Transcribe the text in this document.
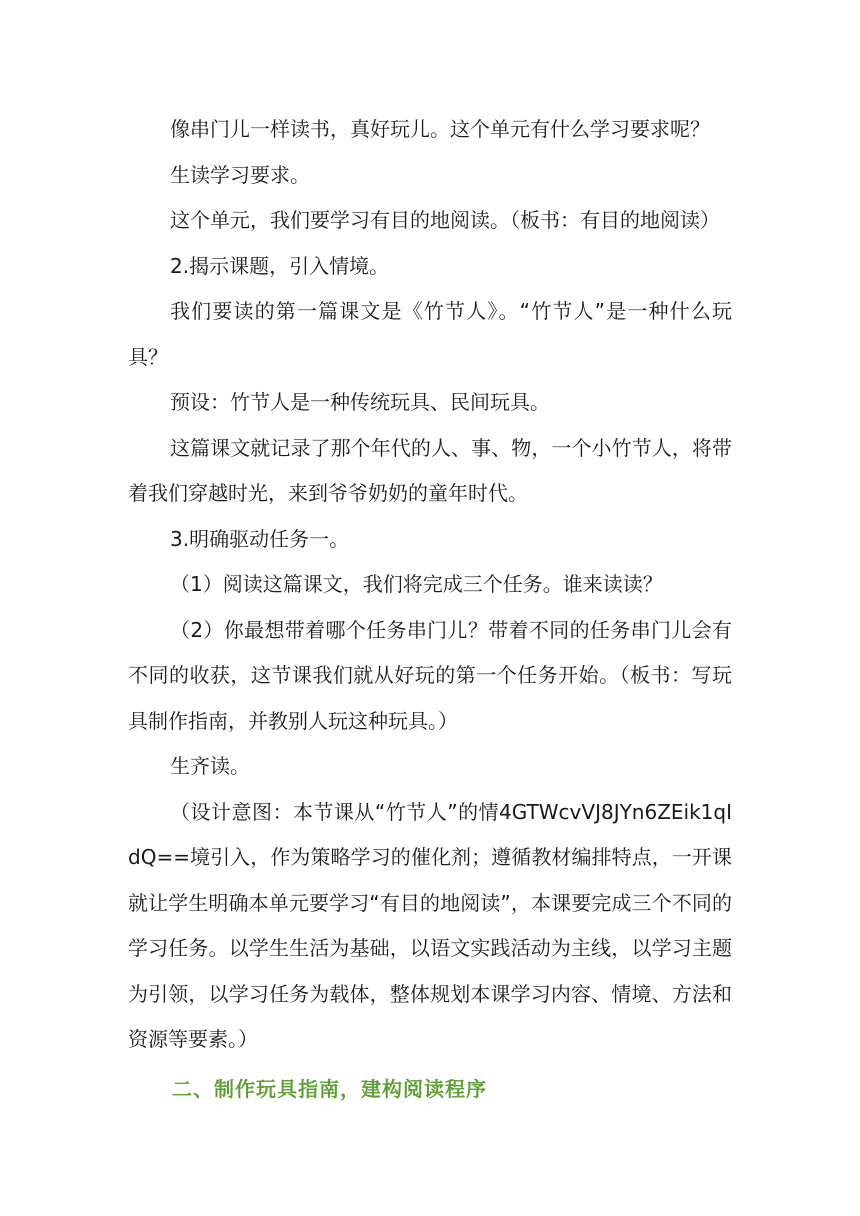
像串门儿一样读书，真好玩儿。这个单元有什么学习要求呢？

生读学习要求。

这个单元，我们要学习有目的地阅读。（板书：有目的地阅读）

2.揭示课题，引入情境。

我们要读的第一篇课文是《竹节人》。“竹节人”是一种什么玩具？

预设：竹节人是一种传统玩具、民间玩具。

这篇课文就记录了那个年代的人、事、物，一个小竹节人，将带着我们穿越时光，来到爷爷奶奶的童年时代。

3.明确驱动任务一。

（1）阅读这篇课文，我们将完成三个任务。谁来读读？

（2）你最想带着哪个任务串门儿？带着不同的任务串门儿会有不同的收获，这节课我们就从好玩的第一个任务开始。（板书：写玩具制作指南，并教别人玩这种玩具。）

生齐读。

（设计意图：本节课从“竹节人”的情4GTWcvVJ8JYn6ZEik1qIdQ==境引入，作为策略学习的催化剂；遵循教材编排特点，一开课就让学生明确本单元要学习“有目的地阅读”，本课要完成三个不同的学习任务。以学生生活为基础，以语文实践活动为主线，以学习主题为引领，以学习任务为载体，整体规划本课学习内容、情境、方法和资源等要素。）

二、制作玩具指南，建构阅读程序
